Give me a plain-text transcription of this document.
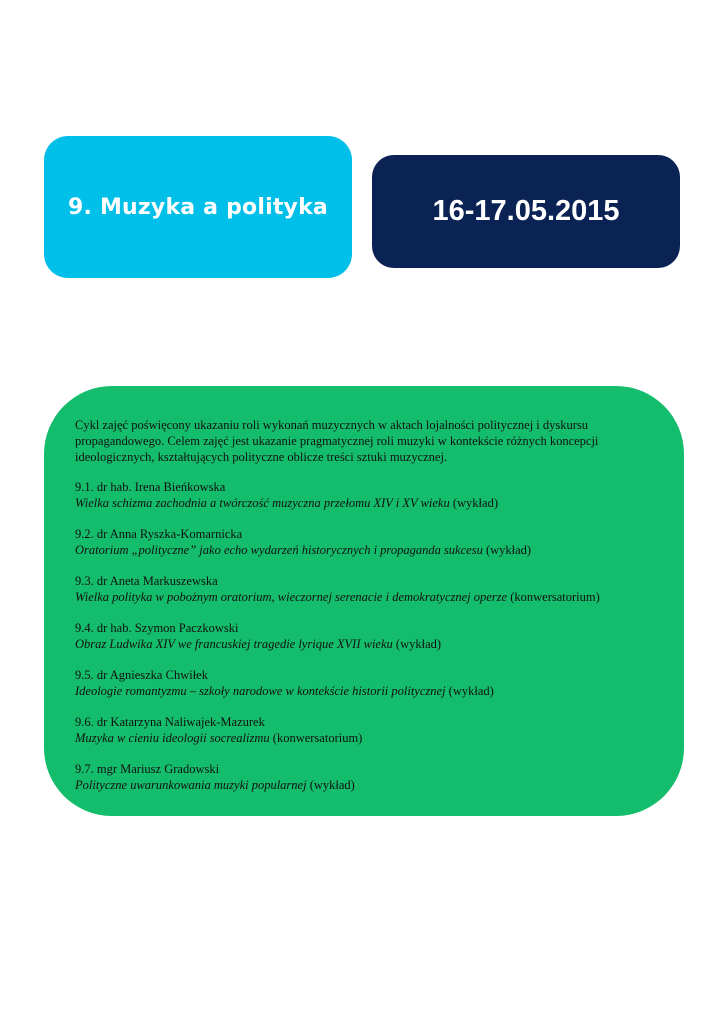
9. Muzyka a polityka	16-17.05.2015

Cykl zajęć poświęcony ukazaniu roli wykonań muzycznych w aktach lojalności politycznej i dyskursu propagandowego. Celem zajęć jest ukazanie pragmatycznej roli muzyki w kontekście różnych koncepcji ideologicznych, kształtujących polityczne oblicze treści sztuki muzycznej.

9.1. dr hab. Irena Bieńkowska
Wielka schizma zachodnia a twórczość muzyczna przełomu XIV i XV wieku (wykład)
9.2. dr Anna Ryszka-Komarnicka
Oratorium „polityczne” jako echo wydarzeń historycznych i propaganda sukcesu (wykład)
9.3. dr Aneta Markuszewska
Wielka polityka w pobożnym oratorium, wieczornej serenacie i demokratycznej operze (konwersatorium)
9.4. dr hab. Szymon Paczkowski
Obraz Ludwika XIV we francuskiej tragedie lyrique XVII wieku (wykład)
9.5. dr Agnieszka Chwiłek
Ideologie romantyzmu – szkoły narodowe w kontekście historii politycznej (wykład)
9.6. dr Katarzyna Naliwajek-Mazurek
Muzyka w cieniu ideologii socrealizmu (konwersatorium)
9.7. mgr Mariusz Gradowski
Polityczne uwarunkowania muzyki popularnej (wykład)
